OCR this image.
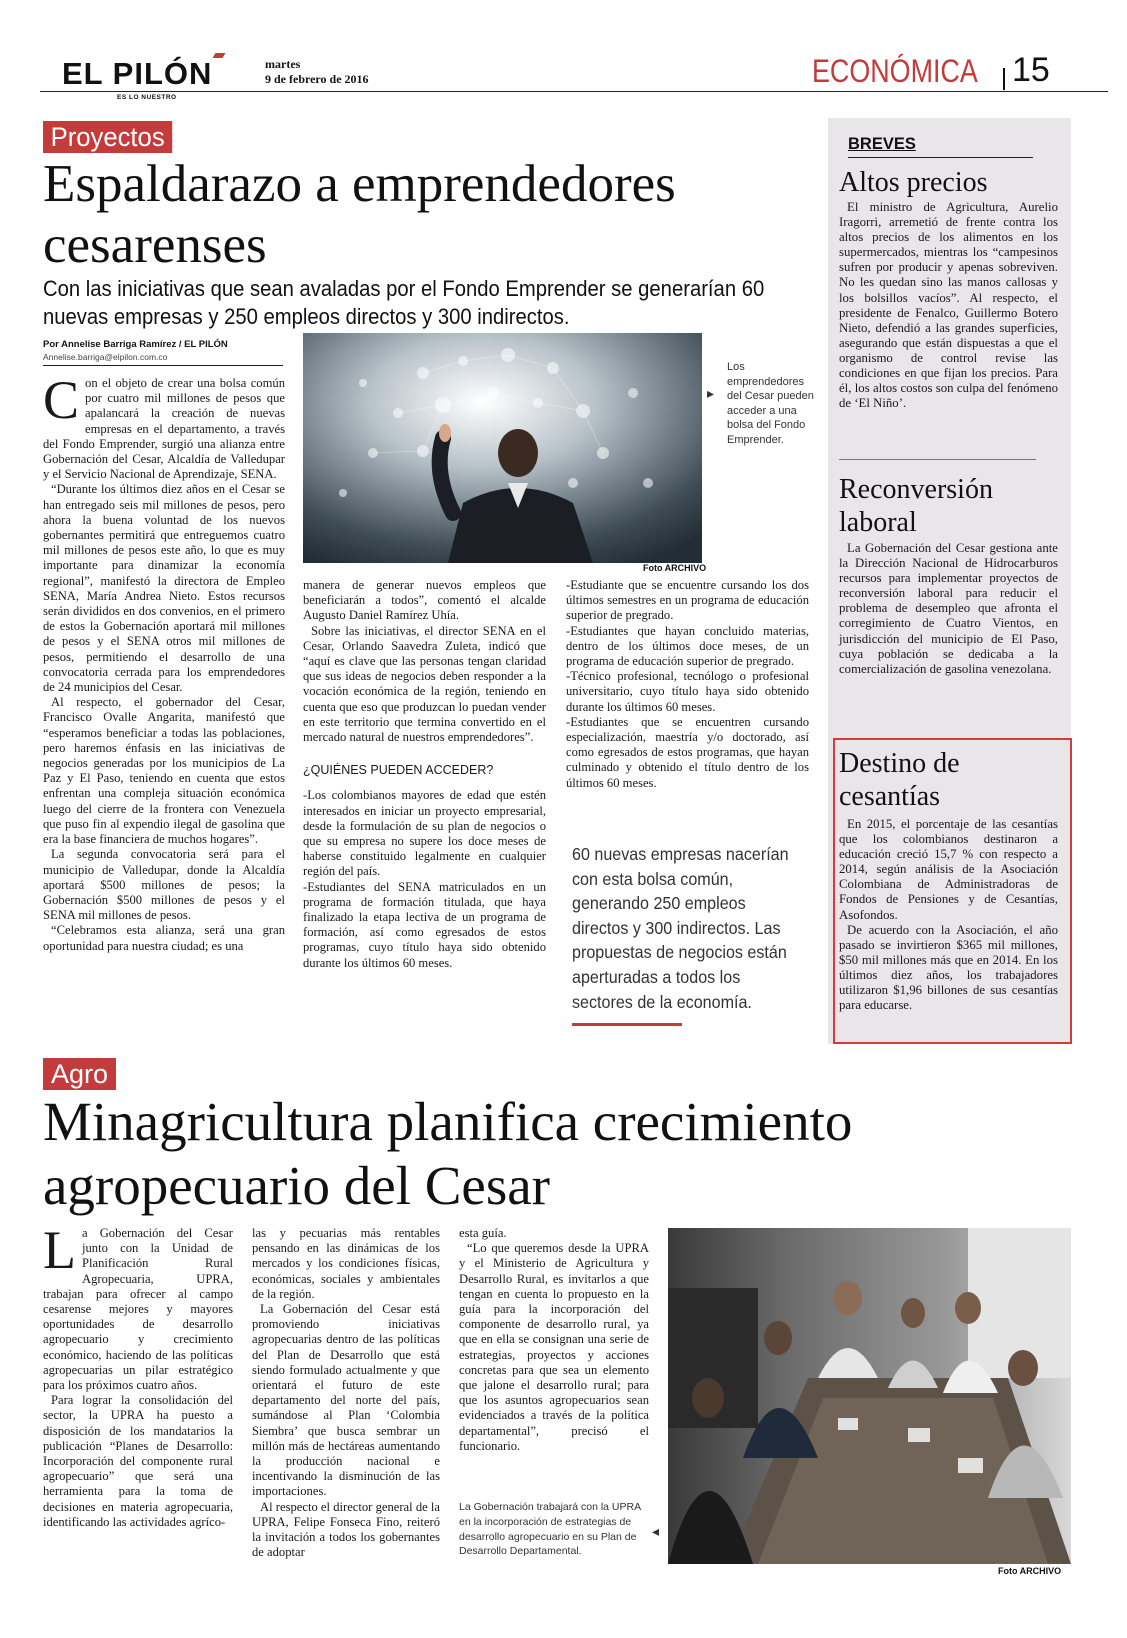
EL PILÓN
ES LO NUESTRO
martes
9 de febrero de 2016	ECONÓMICA 15
Proyectos
Espaldarazo a emprendedores cesarenses
Con las iniciativas que sean avaladas por el Fondo Emprender se generarían 60 nuevas empresas y 250 empleos directos y 300 indirectos.
Por Annelise Barriga Ramírez / EL PILÓN
Annelise.barriga@elpilon.com.co
Foto ARCHIVO
Los emprendedores del Cesar pueden acceder a una bolsa del Fondo Emprender.
▸
C on el objeto de crear una bolsa común por cuatro mil millones de pesos que apalancará la creación de nuevas empresas en el departamento, a través del Fondo Emprender, surgió una alianza entre Gobernación del Cesar, Alcaldía de Valledupar y el Servicio Nacional de Aprendizaje, SENA.

“Durante los últimos diez años en el Cesar se han entregado seis mil millones de pesos, pero ahora la buena voluntad de los nuevos gobernantes permitirá que entreguemos cuatro mil millones de pesos este año, lo que es muy importante para dinamizar la economía regional”, manifestó la directora de Empleo SENA, María Andrea Nieto. Estos recursos serán divididos en dos convenios, en el primero de estos la Gobernación aportará mil millones de pesos y el SENA otros mil millones de pesos, permitiendo el desarrollo de una convocatoria cerrada para los emprendedores de 24 municipios del Cesar.

Al respecto, el gobernador del Cesar, Francisco Ovalle Angarita, manifestó que “esperamos beneficiar a todas las poblaciones, pero haremos énfasis en las iniciativas de negocios generadas por los municipios de La Paz y El Paso, teniendo en cuenta que estos enfrentan una compleja situación económica luego del cierre de la frontera con Venezuela que puso fin al expendio ilegal de gasolina que era la base financiera de muchos hogares”.

La segunda convocatoria será para el municipio de Valledupar, donde la Alcaldía aportará $500 millones de pesos; la Gobernación $500 millones de pesos y el SENA mil millones de pesos.

“Celebramos esta alianza, será una gran oportunidad para nuestra ciudad; es una

manera de generar nuevos empleos que beneficiarán a todos”, comentó el alcalde Augusto Daniel Ramírez Uhía.

Sobre las iniciativas, el director SENA en el Cesar, Orlando Saavedra Zuleta, indicó que “aquí es clave que las personas tengan claridad que sus ideas de negocios deben responder a la vocación económica de la región, teniendo en cuenta que eso que produzcan lo puedan vender en este territorio que termina convertido en el mercado natural de nuestros emprendedores”.

¿QUIÉNES PUEDEN ACCEDER?

-Los colombianos mayores de edad que estén interesados en iniciar un proyecto empresarial, desde la formulación de su plan de negocios o que su empresa no supere los doce meses de haberse constituido legalmente en cualquier región del país.

-Estudiantes del SENA matriculados en un programa de formación titulada, que haya finalizado la etapa lectiva de un programa de formación, así como egresados de estos programas, cuyo título haya sido obtenido durante los últimos 60 meses.

-Estudiante que se encuentre cursando los dos últimos semestres en un programa de educación superior de pregrado.

-Estudiantes que hayan concluido materias, dentro de los últimos doce meses, de un programa de educación superior de pregrado.

-Técnico profesional, tecnólogo o profesional universitario, cuyo título haya sido obtenido durante los últimos 60 meses.

-Estudiantes que se encuentren cursando especialización, maestría y/o doctorado, así como egresados de estos programas, que hayan culminado y obtenido el título dentro de los últimos 60 meses.

60 nuevas empresas nacerían con esta bolsa común, generando 250 empleos directos y 300 indirectos. Las propuestas de negocios están aperturadas a todos los sectores de la economía.
BREVES
Altos precios

El ministro de Agricultura, Aurelio Iragorri, arremetió de frente contra los altos precios de los alimentos en los supermercados, mientras los “campesinos sufren por producir y apenas sobreviven. No les quedan sino las manos callosas y los bolsillos vacíos”. Al respecto, el presidente de Fenalco, Guillermo Botero Nieto, defendió a las grandes superficies, asegurando que están dispuestas a que el organismo de control revise las condiciones en que fijan los precios. Para él, los altos costos son culpa del fenómeno de ‘El Niño’.

Reconversión laboral

La Gobernación del Cesar gestiona ante la Dirección Nacional de Hidrocarburos recursos para implementar proyectos de reconversión laboral para reducir el problema de desempleo que afronta el corregimiento de Cuatro Vientos, en jurisdicción del municipio de El Paso, cuya población se dedicaba a la comercialización de gasolina venezolana.

Destino de cesantías

En 2015, el porcentaje de las cesantías que los colombianos destinaron a educación creció 15,7 % con respecto a 2014, según análisis de la Asociación Colombiana de Administradoras de Fondos de Pensiones y de Cesantías, Asofondos.

De acuerdo con la Asociación, el año pasado se invirtieron $365 mil millones, $50 mil millones más que en 2014. En los últimos diez años, los trabajadores utilizaron $1,96 billones de sus cesantías para educarse.

Agro
Minagricultura planifica crecimiento agropecuario del Cesar
L a Gobernación del Cesar junto con la Unidad de Planificación Rural Agropecuaria, UPRA, trabajan para ofrecer al campo cesarense mejores y mayores oportunidades de desarrollo agropecuario y crecimiento económico, haciendo de las políticas agropecuarias un pilar estratégico para los próximos cuatro años.

Para lograr la consolidación del sector, la UPRA ha puesto a disposición de los mandatarios la publicación “Planes de Desarrollo: Incorporación del componente rural agropecuario” que será una herramienta para la toma de decisiones en materia agropecuaria, identificando las actividades agríco-

las y pecuarias más rentables pensando en las dinámicas de los mercados y los condiciones físicas, económicas, sociales y ambientales de la región.

La Gobernación del Cesar está promoviendo iniciativas agropecuarias dentro de las políticas del Plan de Desarrollo que está siendo formulado actualmente y que orientará el futuro de este departamento del norte del país, sumándose al Plan ‘Colombia Siembra’ que busca sembrar un millón más de hectáreas aumentando la producción nacional e incentivando la disminución de las importaciones.

Al respecto el director general de la UPRA, Felipe Fonseca Fino, reiteró la invitación a todos los gobernantes de adoptar

esta guía.

“Lo que queremos desde la UPRA y el Ministerio de Agricultura y Desarrollo Rural, es invitarlos a que tengan en cuenta lo propuesto en la guía para la incorporación del componente de desarrollo rural, ya que en ella se consignan una serie de estrategias, proyectos y acciones concretas para que sea un elemento que jalone el desarrollo rural; para que los asuntos agropecuarios sean evidenciados a través de la política departamental”, precisó el funcionario.

La Gobernación trabajará con la UPRA en la incorporación de estrategias de desarrollo agropecuario en su Plan de Desarrollo Departamental.
◂
Foto ARCHIVO
